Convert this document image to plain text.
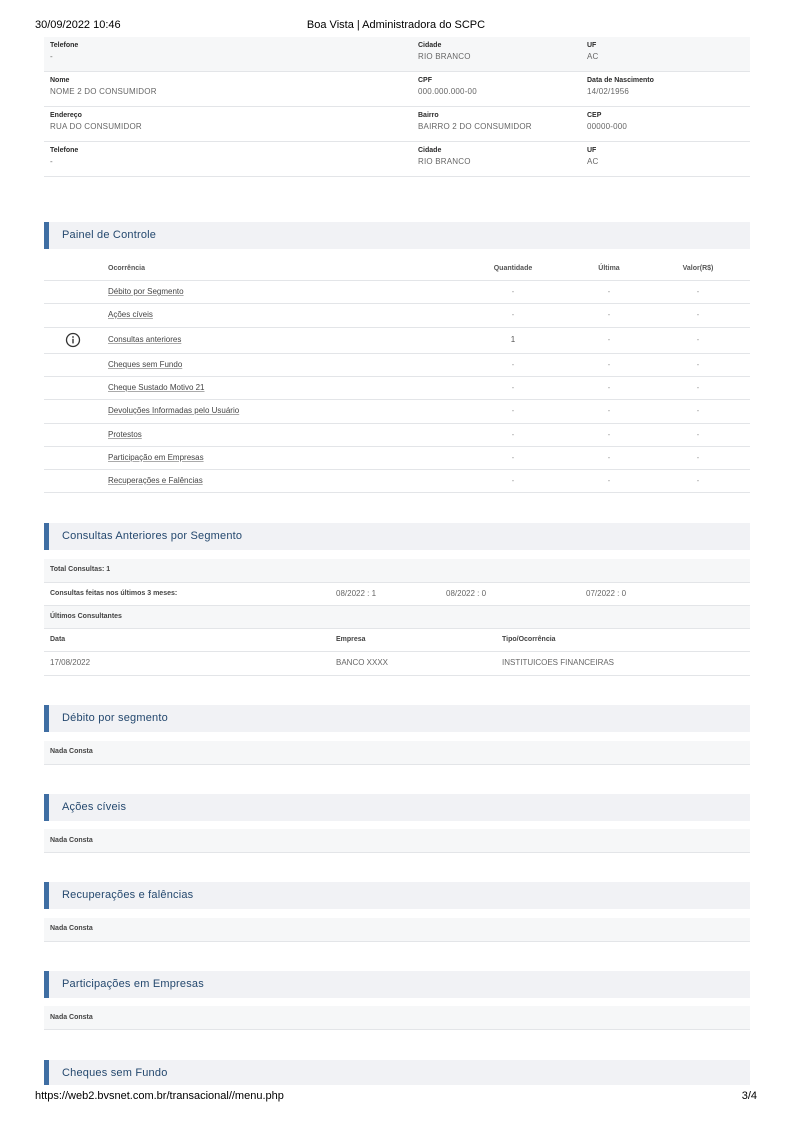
30/09/2022 10:46	Boa Vista | Administradora do SCPC
Telefone
-
Cidade
RIO BRANCO
UF
AC
Nome
NOME 2 DO CONSUMIDOR
CPF
000.000.000-00
Data de Nascimento
14/02/1956
Endereço
RUA DO CONSUMIDOR
Bairro
BAIRRO 2 DO CONSUMIDOR
CEP
00000-000
Telefone
-
Cidade
RIO BRANCO
UF
AC
Painel de Controle
Ocorrência	Quantidade	Última	Valor(R$)
Débito por Segmento	-	-	-
Ações cíveis	-	-	-
Consultas anteriores	1	-	-
Cheques sem Fundo	-	-	-
Cheque Sustado Motivo 21	-	-	-
Devoluções Informadas pelo Usuário	-	-	-
Protestos	-	-	-
Participação em Empresas	-	-	-
Recuperações e Falências	-	-	-
Consultas Anteriores por Segmento
Total Consultas: 1
Consultas feitas nos últimos 3 meses:	08/2022 : 1	08/2022 : 0	07/2022 : 0
Últimos Consultantes
Data	Empresa	Tipo/Ocorrência
17/08/2022	BANCO XXXX	INSTITUICOES FINANCEIRAS
Débito por segmento
Nada Consta
Ações cíveis
Nada Consta
Recuperações e falências
Nada Consta
Participações em Empresas
Nada Consta
Cheques sem Fundo
https://web2.bvsnet.com.br/transacional//menu.php	3/4
